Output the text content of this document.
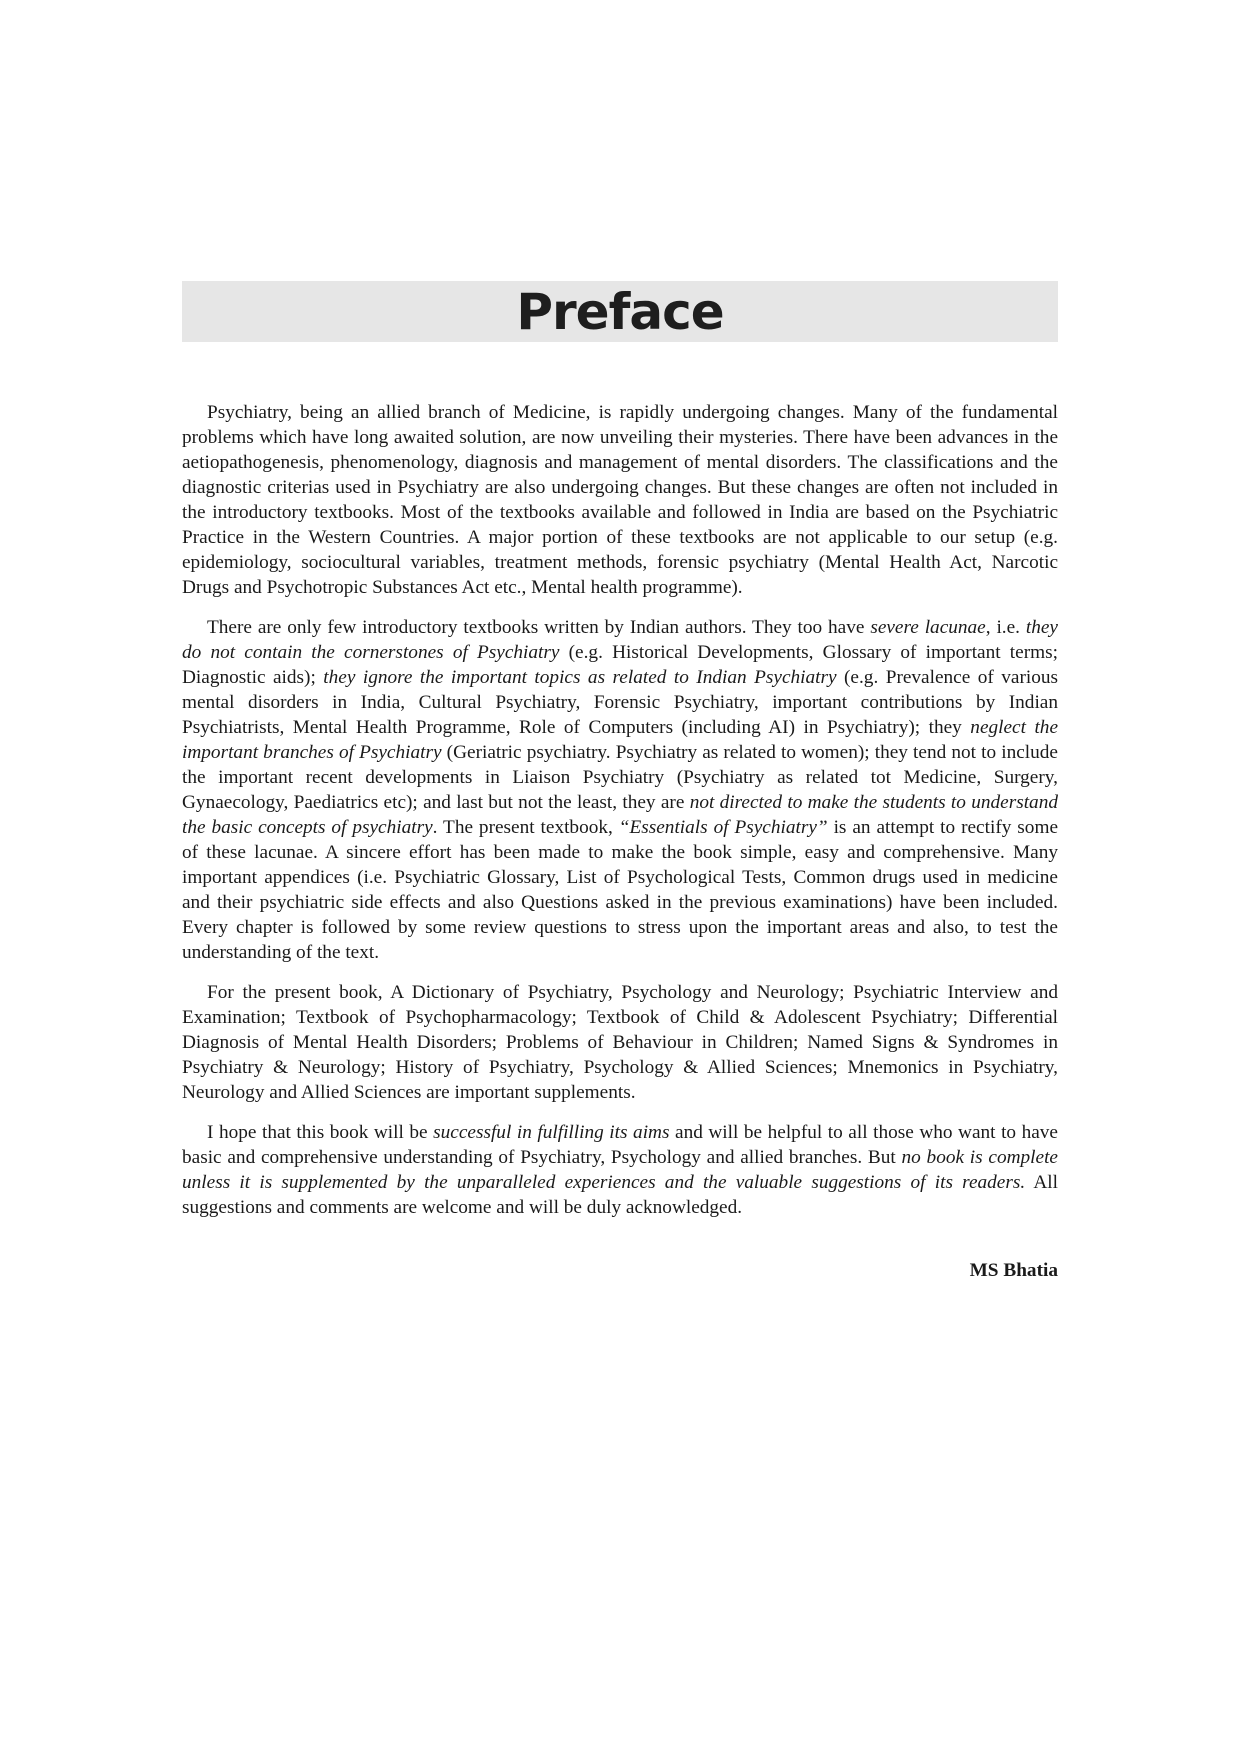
Preface

Psychiatry, being an allied branch of Medicine, is rapidly undergoing changes. Many of the fundamental problems which have long awaited solution, are now unveiling their mysteries. There have been advances in the aetiopathogenesis, phenomenology, diagnosis and management of mental disorders. The classifications and the diagnostic criterias used in Psychiatry are also undergoing changes. But these changes are often not included in the introductory textbooks. Most of the textbooks available and followed in India are based on the Psychiatric Practice in the Western Countries. A major portion of these textbooks are not applicable to our setup (e.g. epidemiology, sociocultural variables, treatment methods, forensic psychiatry (Mental Health Act, Narcotic Drugs and Psychotropic Substances Act etc., Mental health programme).

There are only few introductory textbooks written by Indian authors. They too have severe lacunae, i.e. they do not contain the cornerstones of Psychiatry (e.g. Historical Developments, Glossary of important terms; Diagnostic aids); they ignore the important topics as related to Indian Psychiatry (e.g. Prevalence of various mental disorders in India, Cultural Psychiatry, Forensic Psychiatry, important contributions by Indian Psychiatrists, Mental Health Programme, Role of Computers (including AI) in Psychiatry); they neglect the important branches of Psychiatry (Geriatric psychiatry. Psychiatry as related to women); they tend not to include the important recent developments in Liaison Psychiatry (Psychiatry as related tot Medicine, Surgery, Gynaecology, Paediatrics etc); and last but not the least, they are not directed to make the students to understand the basic concepts of psychiatry. The present textbook, “Essentials of Psychiatry” is an attempt to rectify some of these lacunae. A sincere effort has been made to make the book simple, easy and comprehensive. Many important appendices (i.e. Psychiatric Glossary, List of Psychological Tests, Common drugs used in medicine and their psychiatric side effects and also Questions asked in the previous examinations) have been included. Every chapter is followed by some review questions to stress upon the important areas and also, to test the understanding of the text.

For the present book, A Dictionary of Psychiatry, Psychology and Neurology; Psychiatric Interview and Examination; Textbook of Psychopharmacology; Textbook of Child & Adolescent Psychiatry; Differential Diagnosis of Mental Health Disorders; Problems of Behaviour in Children; Named Signs & Syndromes in Psychiatry & Neurology; History of Psychiatry, Psychology & Allied Sciences; Mnemonics in Psychiatry, Neurology and Allied Sciences are important supplements.

I hope that this book will be successful in fulfilling its aims and will be helpful to all those who want to have basic and comprehensive understanding of Psychiatry, Psychology and allied branches. But no book is complete unless it is supplemented by the unparalleled experiences and the valuable suggestions of its readers. All suggestions and comments are welcome and will be duly acknowledged.

MS Bhatia
